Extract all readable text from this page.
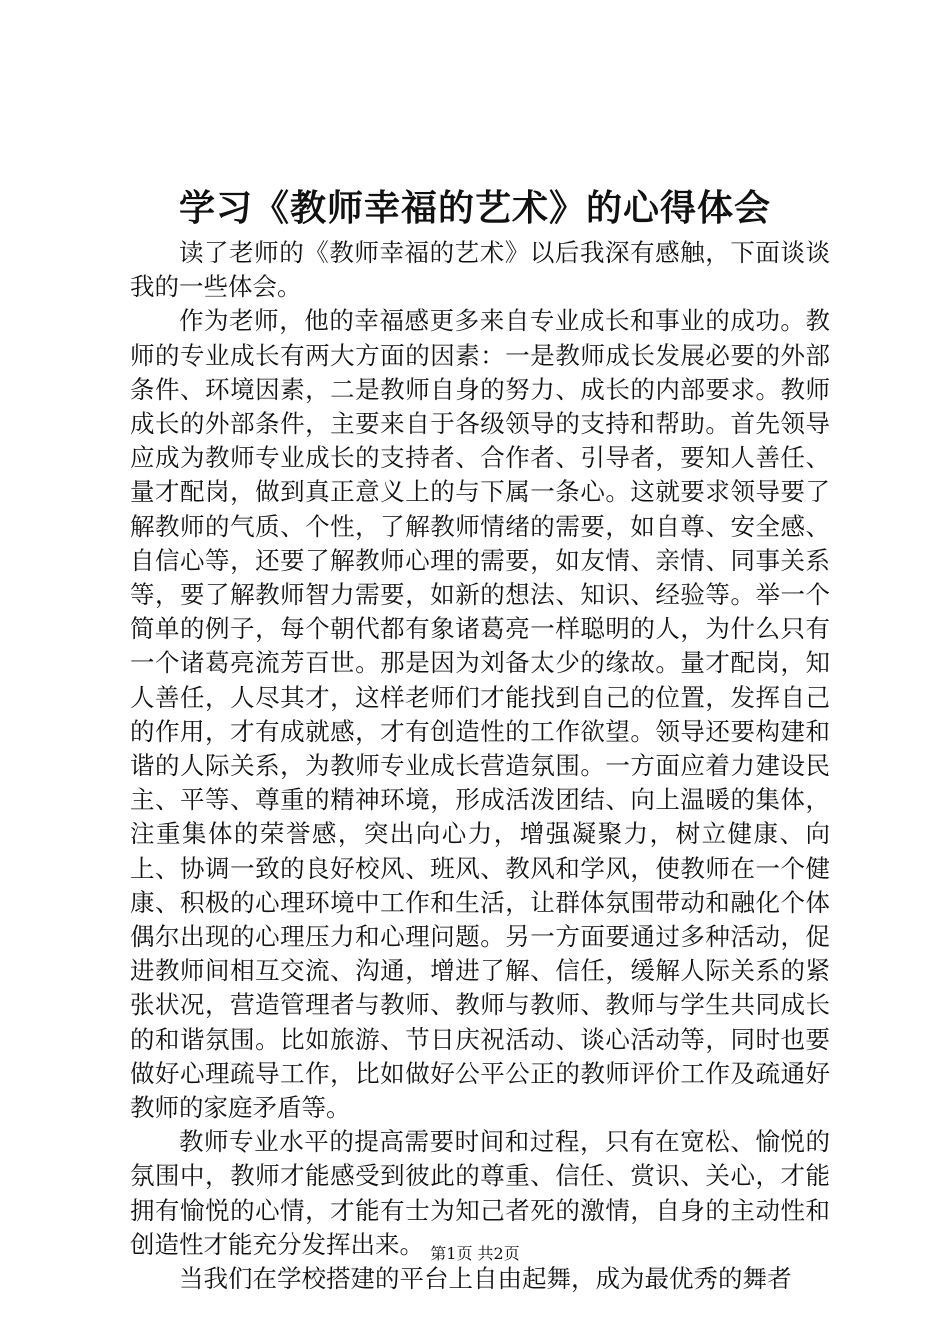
学习《教师幸福的艺术》的心得体会

读了老师的《教师幸福的艺术》以后我深有感触，下面谈谈我的一些体会。

作为老师，他的幸福感更多来自专业成长和事业的成功。教师的专业成长有两大方面的因素：一是教师成长发展必要的外部条件、环境因素，二是教师自身的努力、成长的内部要求。教师成长的外部条件，主要来自于各级领导的支持和帮助。首先领导应成为教师专业成长的支持者、合作者、引导者，要知人善任、量才配岗，做到真正意义上的与下属一条心。这就要求领导要了解教师的气质、个性，了解教师情绪的需要，如自尊、安全感、自信心等，还要了解教师心理的需要，如友情、亲情、同事关系等，要了解教师智力需要，如新的想法、知识、经验等。举一个简单的例子，每个朝代都有象诸葛亮一样聪明的人，为什么只有一个诸葛亮流芳百世。那是因为刘备太少的缘故。量才配岗，知人善任，人尽其才，这样老师们才能找到自己的位置，发挥自己的作用，才有成就感，才有创造性的工作欲望。领导还要构建和谐的人际关系，为教师专业成长营造氛围。一方面应着力建设民主、平等、尊重的精神环境，形成活泼团结、向上温暖的集体，注重集体的荣誉感，突出向心力，增强凝聚力，树立健康、向上、协调一致的良好校风、班风、教风和学风，使教师在一个健康、积极的心理环境中工作和生活，让群体氛围带动和融化个体偶尔出现的心理压力和心理问题。另一方面要通过多种活动，促进教师间相互交流、沟通，增进了解、信任，缓解人际关系的紧张状况，营造管理者与教师、教师与教师、教师与学生共同成长的和谐氛围。比如旅游、节日庆祝活动、谈心活动等，同时也要做好心理疏导工作，比如做好公平公正的教师评价工作及疏通好教师的家庭矛盾等。

教师专业水平的提高需要时间和过程，只有在宽松、愉悦的氛围中，教师才能感受到彼此的尊重、信任、赏识、关心，才能拥有愉悦的心情，才能有士为知己者死的激情，自身的主动性和创造性才能充分发挥出来。

当我们在学校搭建的平台上自由起舞，成为最优秀的舞者

第1页 共2页
